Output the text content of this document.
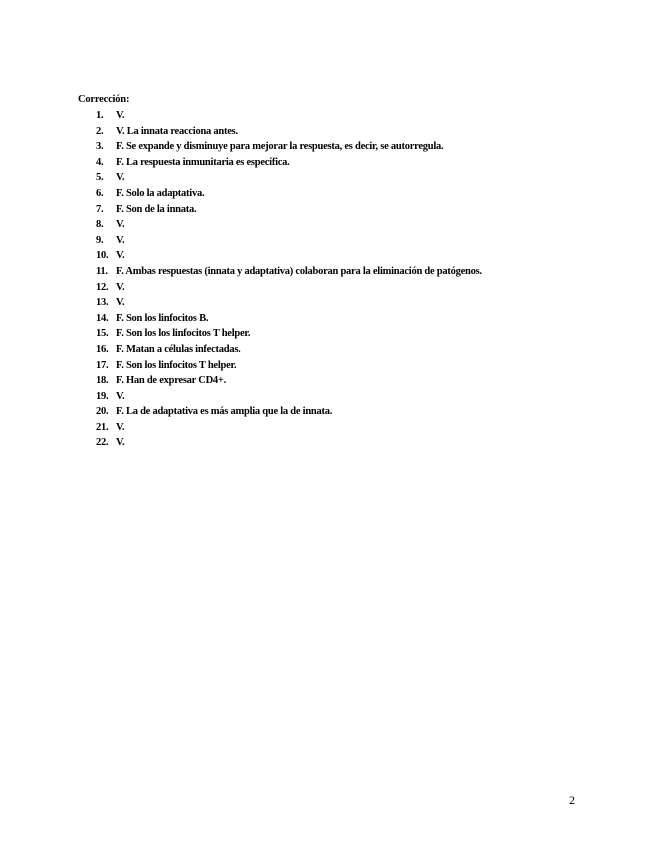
Corrección:
1. V.
2. V. La innata reacciona antes.
3. F. Se expande y disminuye para mejorar la respuesta, es decir, se autorregula.
4. F. La respuesta inmunitaria es específica.
5. V.
6. F. Solo la adaptativa.
7. F. Son de la innata.
8. V.
9. V.
10. V.
11. F. Ambas respuestas (innata y adaptativa) colaboran para la eliminación de patógenos.
12. V.
13. V.
14. F. Son los linfocitos B.
15. F. Son los los linfocitos T helper.
16. F. Matan a células infectadas.
17. F. Son los linfocitos T helper.
18. F. Han de expresar CD4+.
19. V.
20. F. La de adaptativa es más amplia que la de innata.
21. V.
22. V.
2
